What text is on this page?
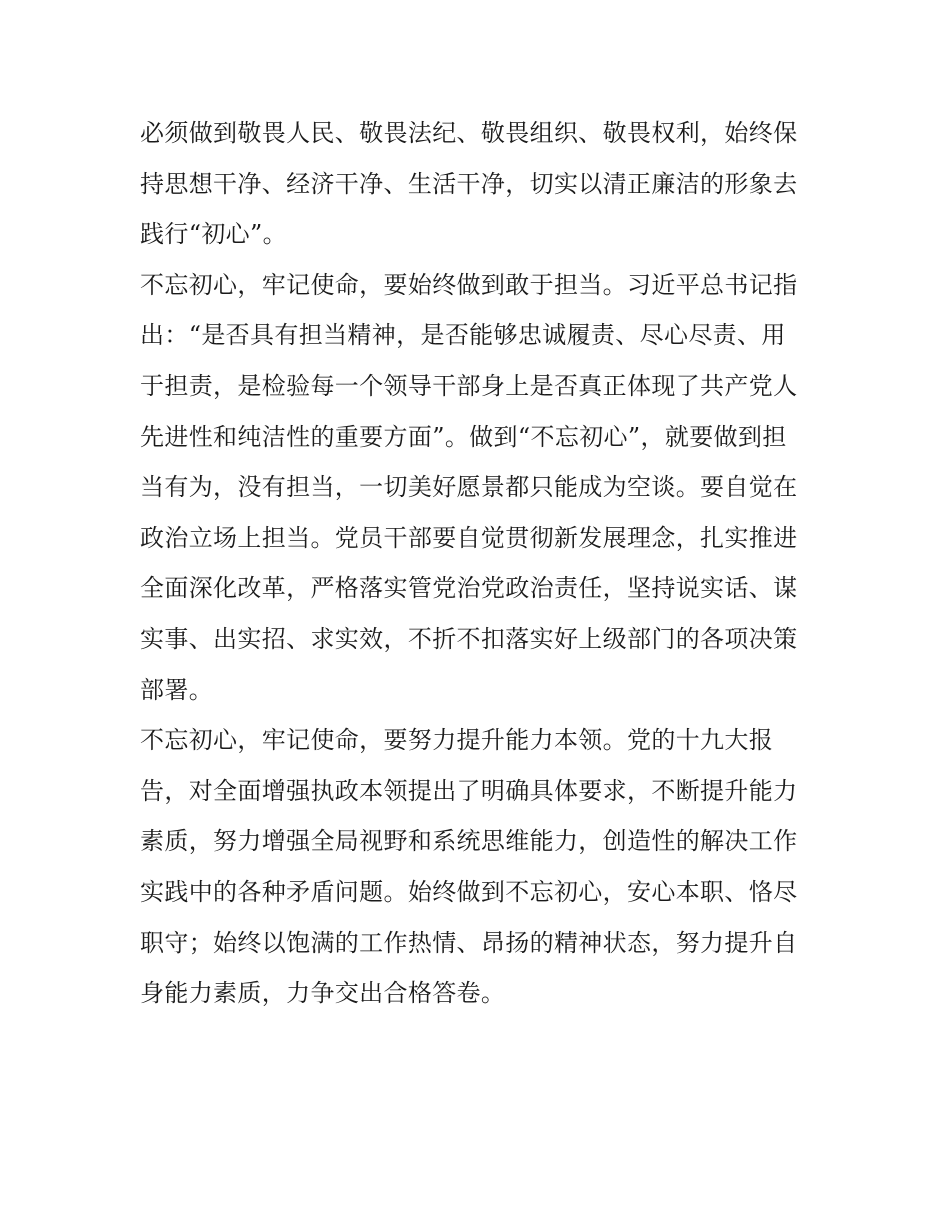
必须做到敬畏人民、敬畏法纪、敬畏组织、敬畏权利，始终保
持思想干净、经济干净、生活干净，切实以清正廉洁的形象去
践行“初心”。
不忘初心，牢记使命，要始终做到敢于担当。习近平总书记指
出：“是否具有担当精神，是否能够忠诚履责、尽心尽责、用
于担责，是检验每一个领导干部身上是否真正体现了共产党人
先进性和纯洁性的重要方面”。做到“不忘初心”，就要做到担
当有为，没有担当，一切美好愿景都只能成为空谈。要自觉在
政治立场上担当。党员干部要自觉贯彻新发展理念，扎实推进
全面深化改革，严格落实管党治党政治责任，坚持说实话、谋
实事、出实招、求实效，不折不扣落实好上级部门的各项决策
部署。
不忘初心，牢记使命，要努力提升能力本领。党的十九大报
告，对全面增强执政本领提出了明确具体要求，不断提升能力
素质，努力增强全局视野和系统思维能力，创造性的解决工作
实践中的各种矛盾问题。始终做到不忘初心，安心本职、恪尽
职守；始终以饱满的工作热情、昂扬的精神状态，努力提升自
身能力素质，力争交出合格答卷。
